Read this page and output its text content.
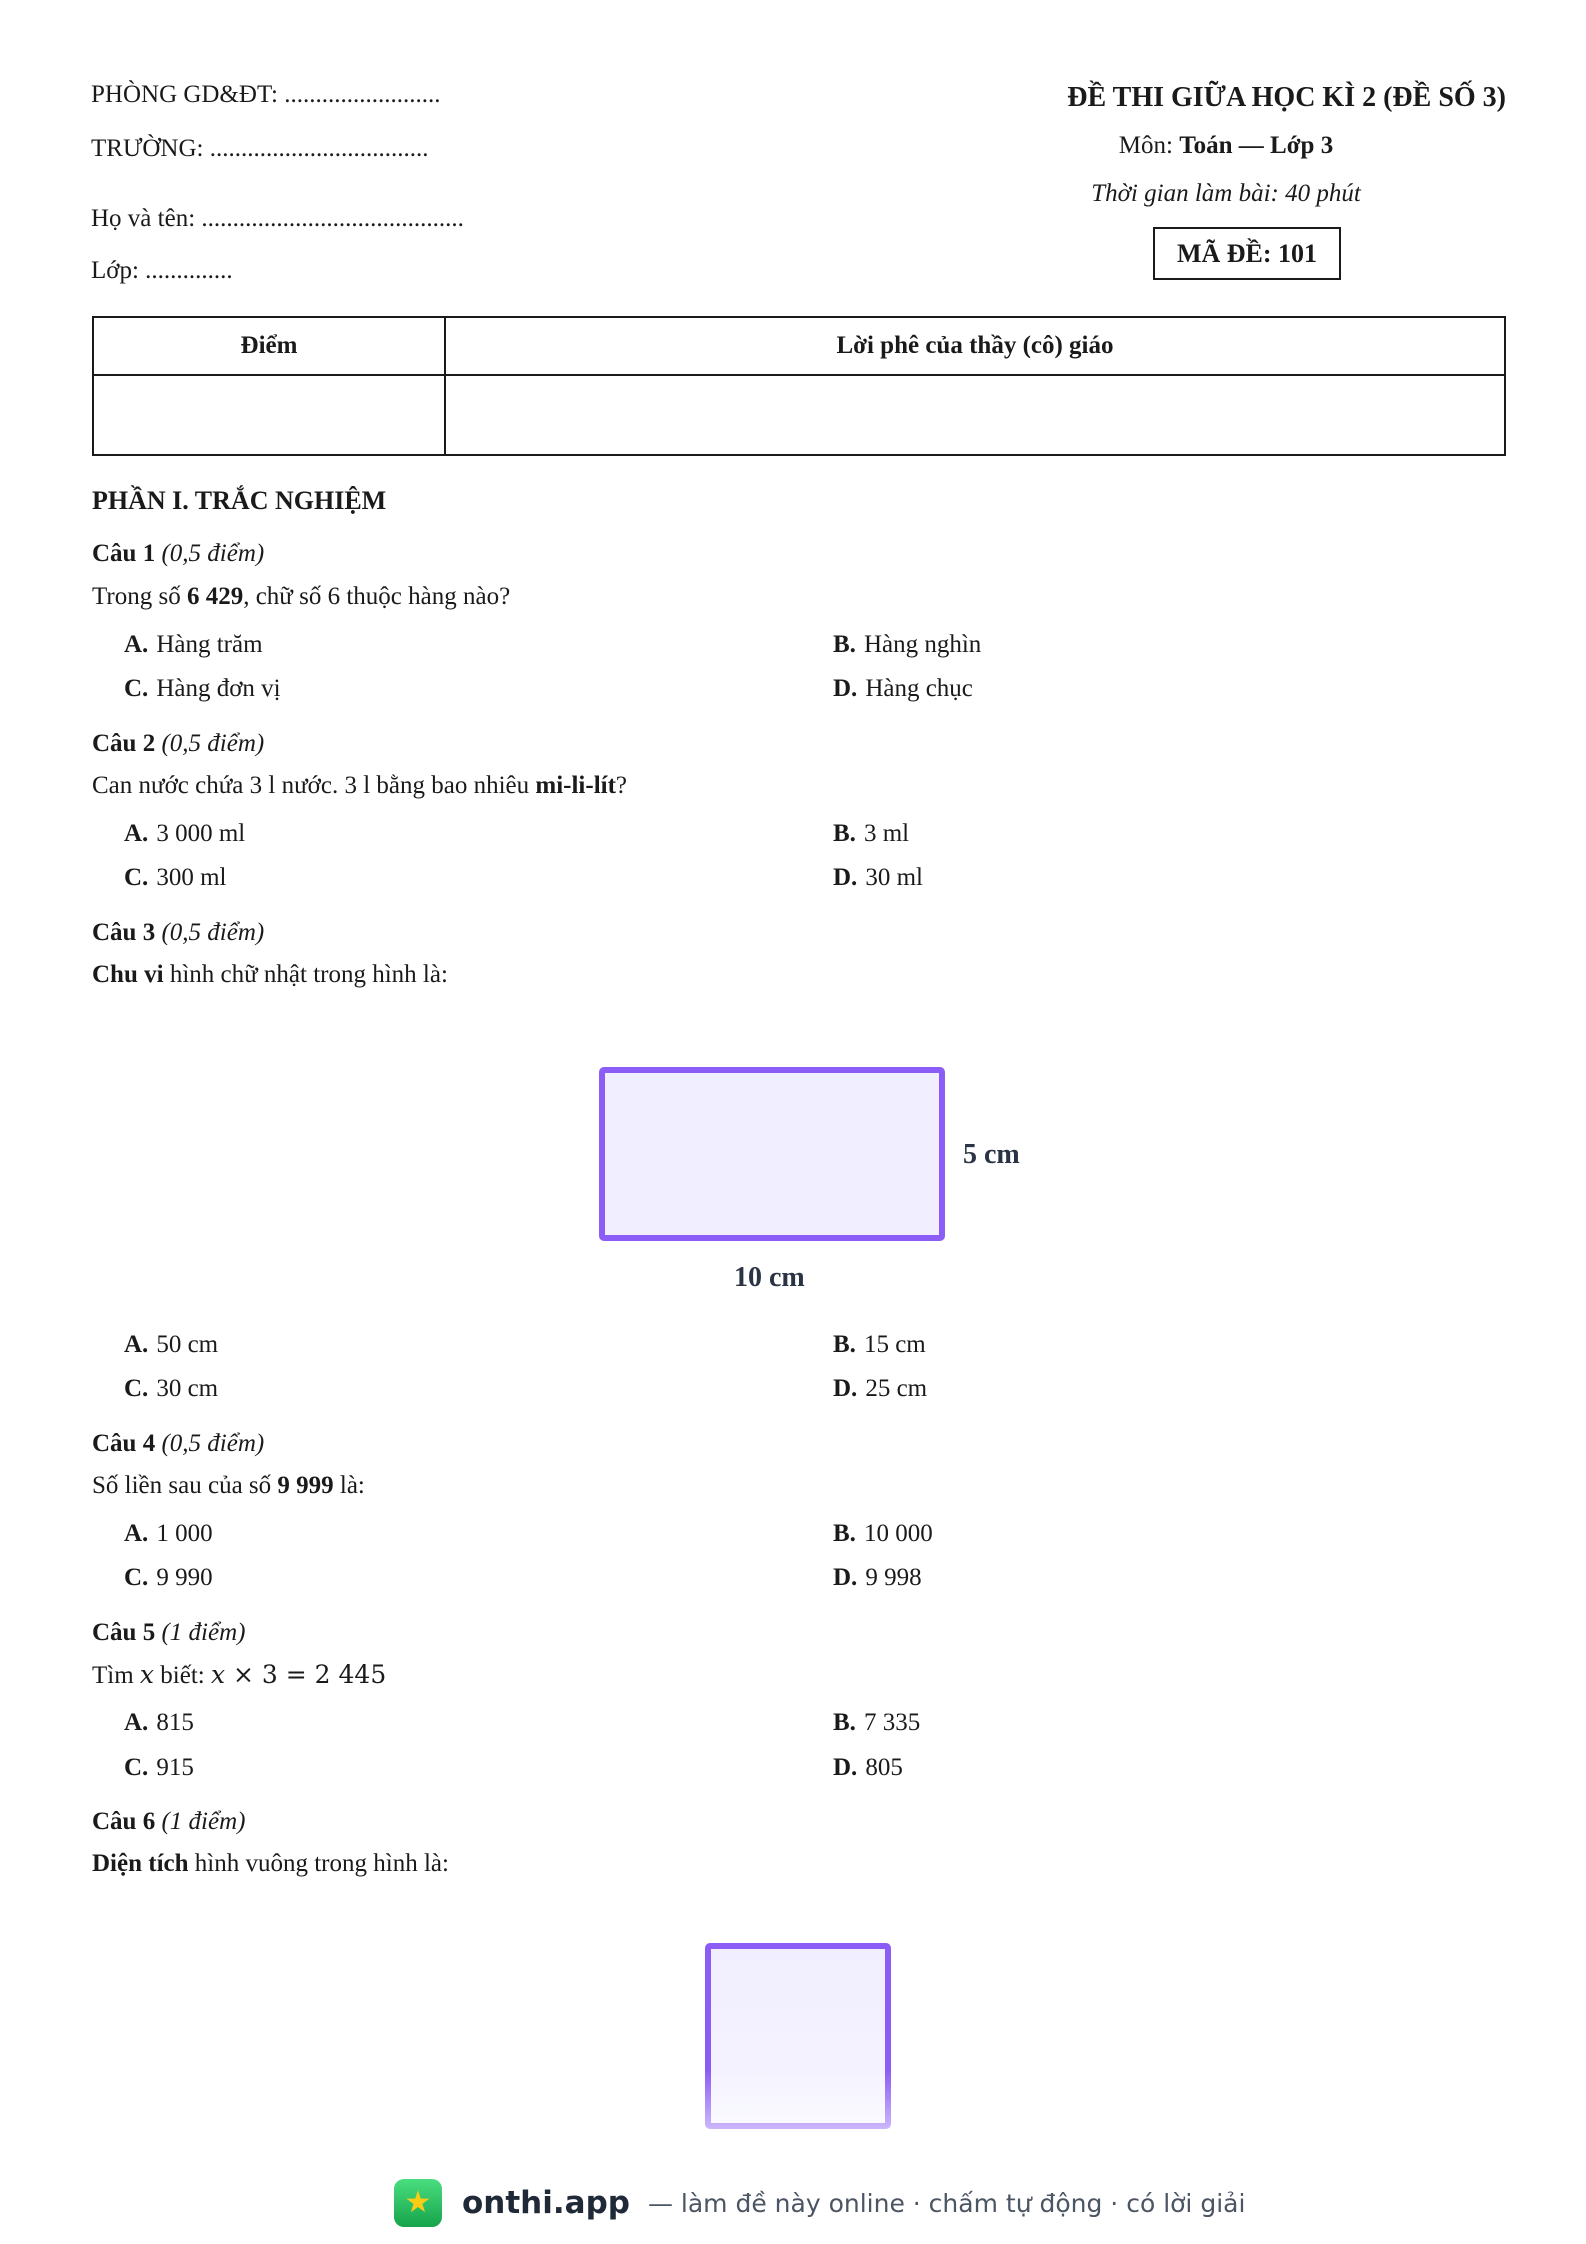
PHÒNG GD&ĐT: .........................
TRƯỜNG: ...................................
Họ và tên: ..........................................
Lớp: ..............
ĐỀ THI GIỮA HỌC KÌ 2 (ĐỀ SỐ 3)
Môn: Toán — Lớp 3
Thời gian làm bài: 40 phút
MÃ ĐỀ: 101
Điểm	Lời phê của thầy (cô) giáo
PHẦN I. TRẮC NGHIỆM
Câu 1 (0,5 điểm)
Trong số 6 429, chữ số 6 thuộc hàng nào?
A. Hàng trăm	B. Hàng nghìn
C. Hàng đơn vị	D. Hàng chục
Câu 2 (0,5 điểm)
Can nước chứa 3 l nước. 3 l bằng bao nhiêu mi-li-lít?
A. 3 000 ml	B. 3 ml
C. 300 ml	D. 30 ml
Câu 3 (0,5 điểm)
Chu vi hình chữ nhật trong hình là:
5 cm
10 cm
A. 50 cm	B. 15 cm
C. 30 cm	D. 25 cm
Câu 4 (0,5 điểm)
Số liền sau của số 9 999 là:
A. 1 000	B. 10 000
C. 9 990	D. 9 998
Câu 5 (1 điểm)
Tìm x biết: x × 3 = 2 445
A. 815	B. 7 335
C. 915	D. 805
Câu 6 (1 điểm)
Diện tích hình vuông trong hình là:
★ onthi.app — làm đề này online · chấm tự động · có lời giải
